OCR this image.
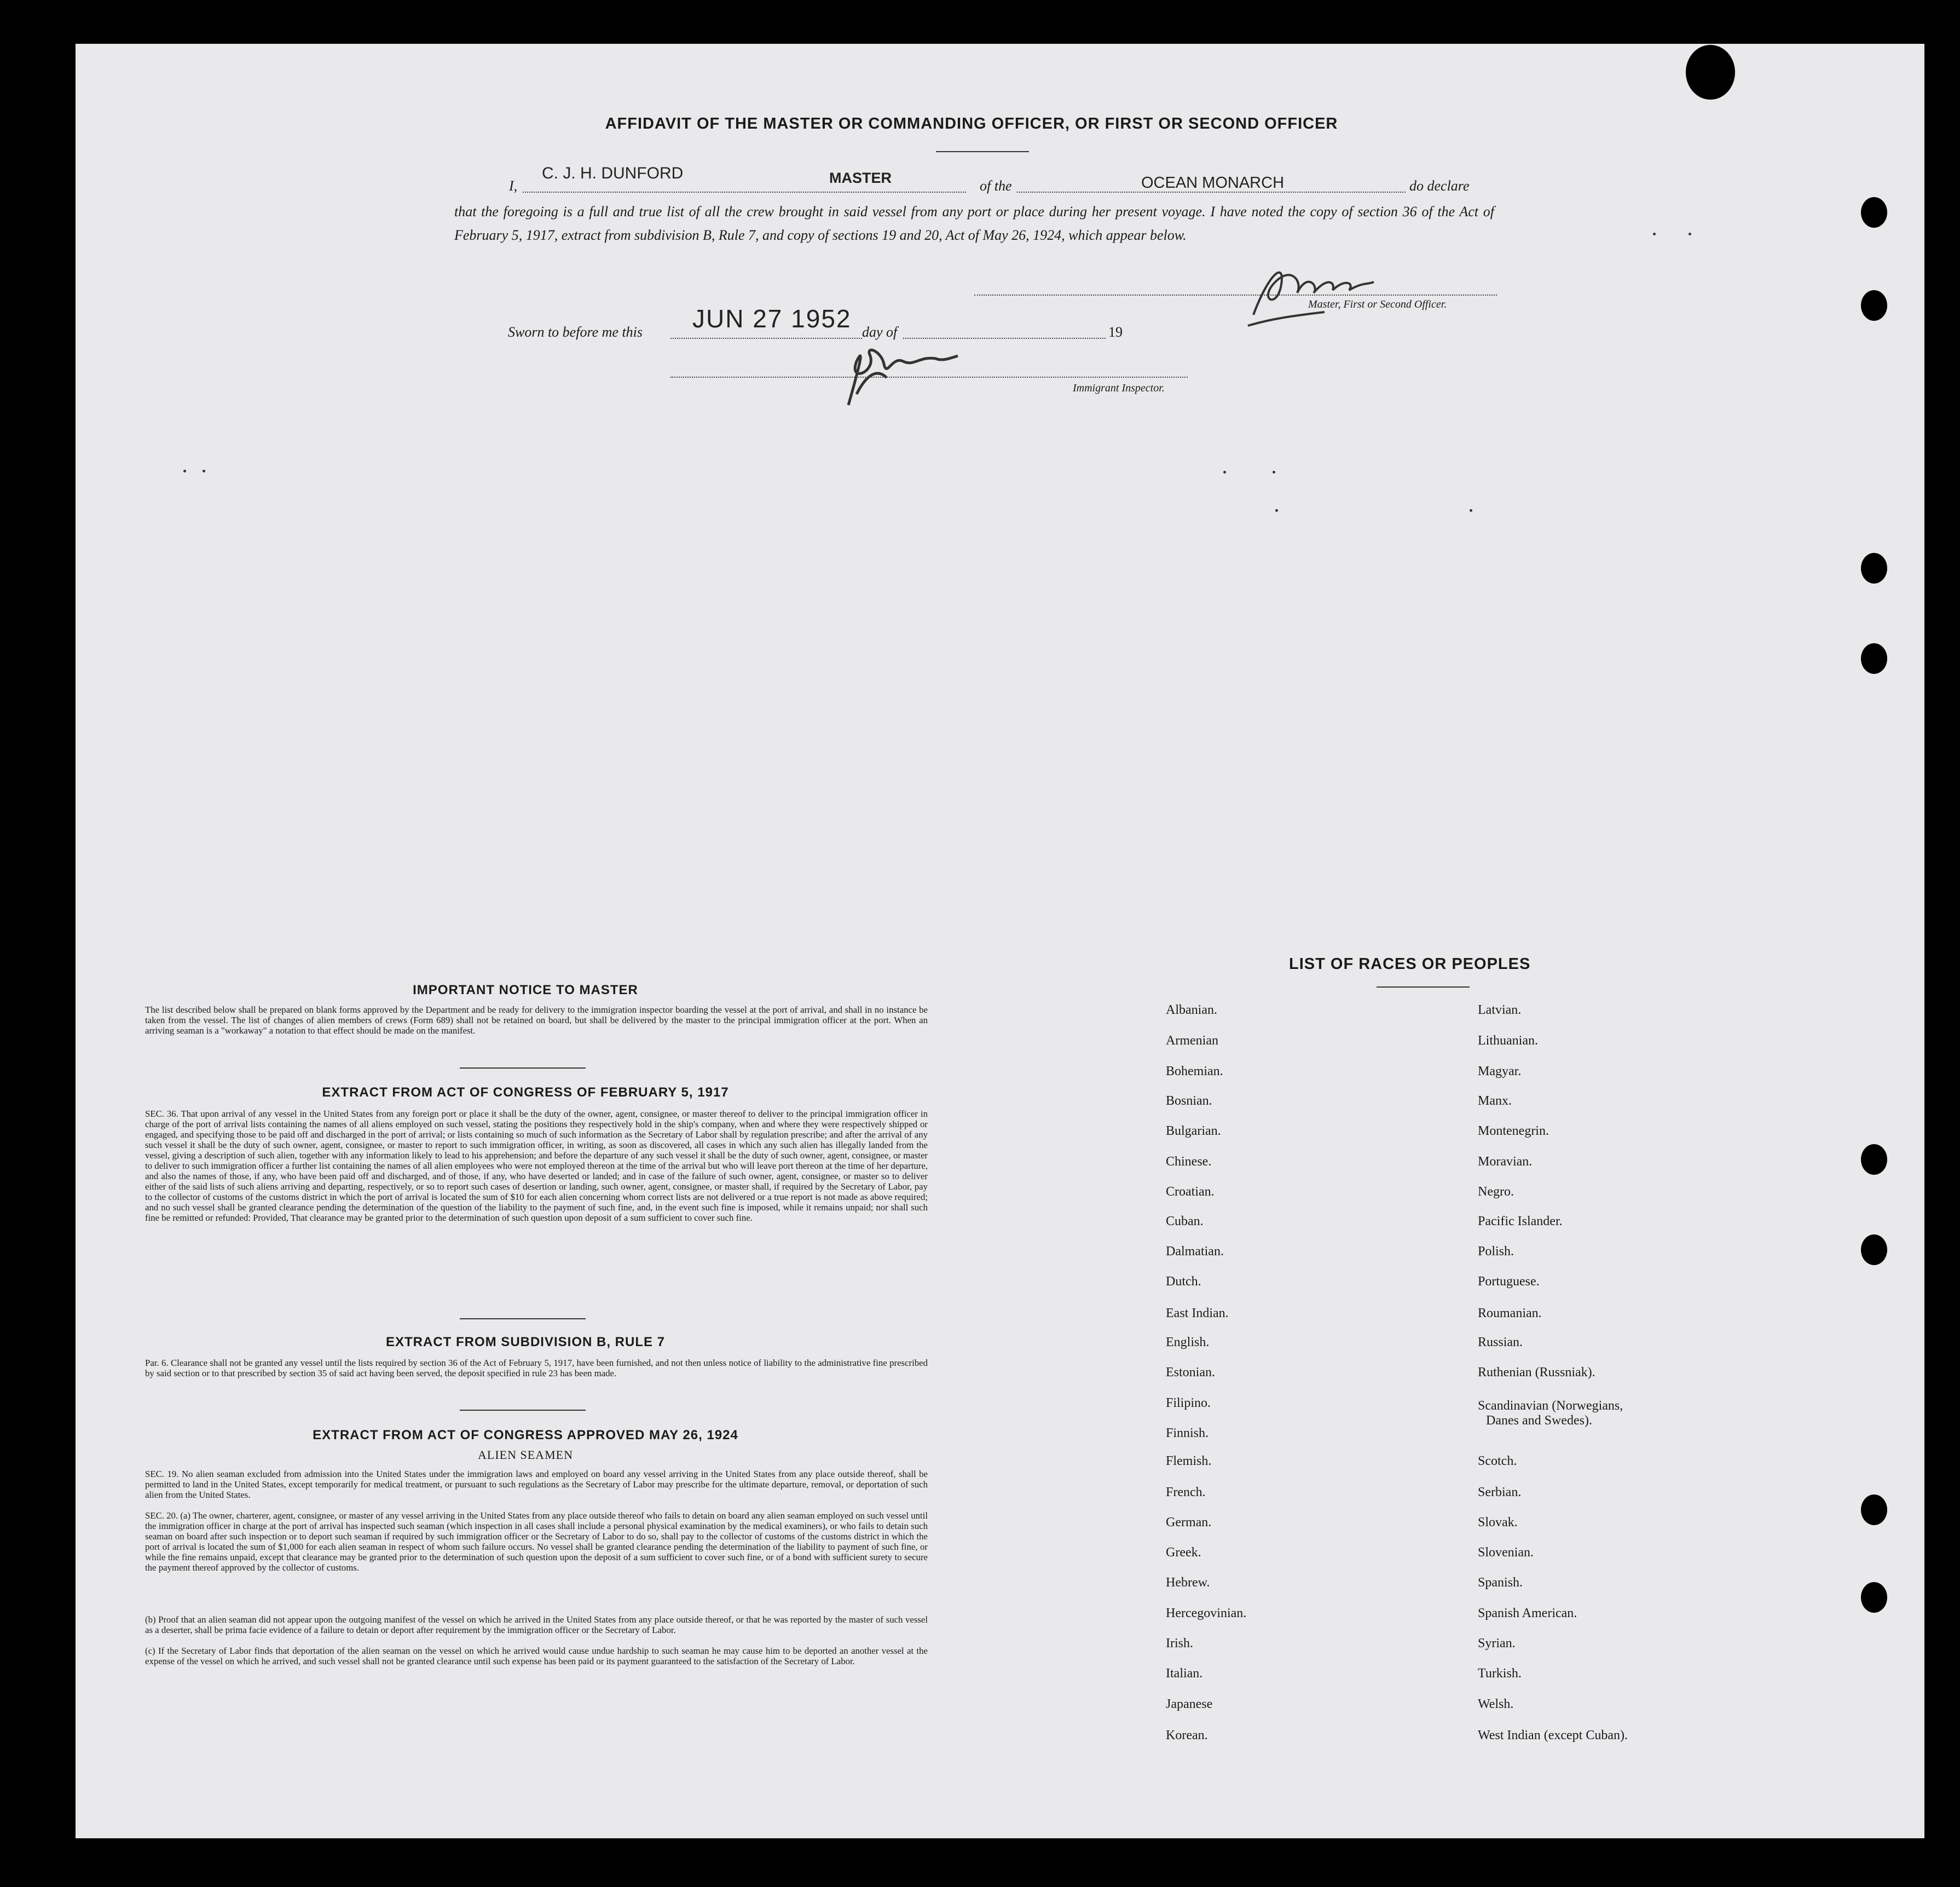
AFFIDAVIT OF THE MASTER OR COMMANDING OFFICER, OR FIRST OR SECOND OFFICER
I,
C. J. H. DUNFORD	MASTER	of the	OCEAN MONARCH	do declare
that the foregoing is a full and true list of all the crew brought in said vessel from any port or place during her present voyage. I have noted the copy of section 36 of the Act of February 5, 1917, extract from subdivision B, Rule 7, and copy of sections 19 and 20, Act of May 26, 1924, which appear below.
Master, First or Second Officer.
Sworn to before me this JUN 27 1952 day of	19
Immigrant Inspector.
IMPORTANT NOTICE TO MASTER
The list described below shall be prepared on blank forms approved by the Department and be ready for delivery to the immigration inspector boarding the vessel at the port of arrival, and shall in no instance be taken from the vessel. The list of changes of alien members of crews (Form 689) shall not be retained on board, but shall be delivered by the master to the principal immigration officer at the port. When an arriving seaman is a "workaway" a notation to that effect should be made on the manifest.
EXTRACT FROM ACT OF CONGRESS OF FEBRUARY 5, 1917
SEC. 36. That upon arrival of any vessel in the United States from any foreign port or place it shall be the duty of the owner, agent, consignee, or master thereof to deliver to the principal immigration officer in charge of the port of arrival lists containing the names of all aliens employed on such vessel, stating the positions they respectively hold in the ship's company, when and where they were respectively shipped or engaged, and specifying those to be paid off and discharged in the port of arrival; or lists containing so much of such information as the Secretary of Labor shall by regulation prescribe; and after the arrival of any such vessel it shall be the duty of such owner, agent, consignee, or master to report to such immigration officer, in writing, as soon as discovered, all cases in which any such alien has illegally landed from the vessel, giving a description of such alien, together with any information likely to lead to his apprehension; and before the departure of any such vessel it shall be the duty of such owner, agent, consignee, or master to deliver to such immigration officer a further list containing the names of all alien employees who were not employed thereon at the time of the arrival but who will leave port thereon at the time of her departure, and also the names of those, if any, who have been paid off and discharged, and of those, if any, who have deserted or landed; and in case of the failure of such owner, agent, consignee, or master so to deliver either of the said lists of such aliens arriving and departing, respectively, or so to report such cases of desertion or landing, such owner, agent, consignee, or master shall, if required by the Secretary of Labor, pay to the collector of customs of the customs district in which the port of arrival is located the sum of $10 for each alien concerning whom correct lists are not delivered or a true report is not made as above required; and no such vessel shall be granted clearance pending the determination of the question of the liability to the payment of such fine, and, in the event such fine is imposed, while it remains unpaid; nor shall such fine be remitted or refunded: Provided, That clearance may be granted prior to the determination of such question upon deposit of a sum sufficient to cover such fine.
EXTRACT FROM SUBDIVISION B, RULE 7
Par. 6. Clearance shall not be granted any vessel until the lists required by section 36 of the Act of February 5, 1917, have been furnished, and not then unless notice of liability to the administrative fine prescribed by said section or to that prescribed by section 35 of said act having been served, the deposit specified in rule 23 has been made.
EXTRACT FROM ACT OF CONGRESS APPROVED MAY 26, 1924
ALIEN SEAMEN
SEC. 19. No alien seaman excluded from admission into the United States under the immigration laws and employed on board any vessel arriving in the United States from any place outside thereof, shall be permitted to land in the United States, except temporarily for medical treatment, or pursuant to such regulations as the Secretary of Labor may prescribe for the ultimate departure, removal, or deportation of such alien from the United States.
SEC. 20. (a) The owner, charterer, agent, consignee, or master of any vessel arriving in the United States from any place outside thereof who fails to detain on board any alien seaman employed on such vessel until the immigration officer in charge at the port of arrival has inspected such seaman (which inspection in all cases shall include a personal physical examination by the medical examiners), or who fails to detain such seaman on board after such inspection or to deport such seaman if required by such immigration officer or the Secretary of Labor to do so, shall pay to the collector of customs of the customs district in which the port of arrival is located the sum of $1,000 for each alien seaman in respect of whom such failure occurs. No vessel shall be granted clearance pending the determination of the liability to payment of such fine, or while the fine remains unpaid, except that clearance may be granted prior to the determination of such question upon the deposit of a sum sufficient to cover such fine, or of a bond with sufficient surety to secure the payment thereof approved by the collector of customs.
(b) Proof that an alien seaman did not appear upon the outgoing manifest of the vessel on which he arrived in the United States from any place outside thereof, or that he was reported by the master of such vessel as a deserter, shall be prima facie evidence of a failure to detain or deport after requirement by the immigration officer or the Secretary of Labor.
(c) If the Secretary of Labor finds that deportation of the alien seaman on the vessel on which he arrived would cause undue hardship to such seaman he may cause him to be deported an another vessel at the expense of the vessel on which he arrived, and such vessel shall not be granted clearance until such expense has been paid or its payment guaranteed to the satisfaction of the Secretary of Labor.
LIST OF RACES OR PEOPLES
Albanian.
Armenian
Bohemian.
Bosnian.
Bulgarian.
Chinese.
Croatian.
Cuban.
Dalmatian.
Dutch.
East Indian.
English.
Estonian.
Filipino.
Finnish.
Flemish.
French.
German.
Greek.
Hebrew.
Hercegovinian.
Irish.
Italian.
Japanese
Korean.
Latvian.
Lithuanian.
Magyar.
Manx.
Montenegrin.
Moravian.
Negro.
Pacific Islander.
Polish.
Portuguese.
Roumanian.
Russian.
Ruthenian (Russniak).
Scandinavian (Norwegians,
Danes and Swedes).
Scotch.
Serbian.
Slovak.
Slovenian.
Spanish.
Spanish American.
Syrian.
Turkish.
Welsh.
West Indian (except Cuban).
